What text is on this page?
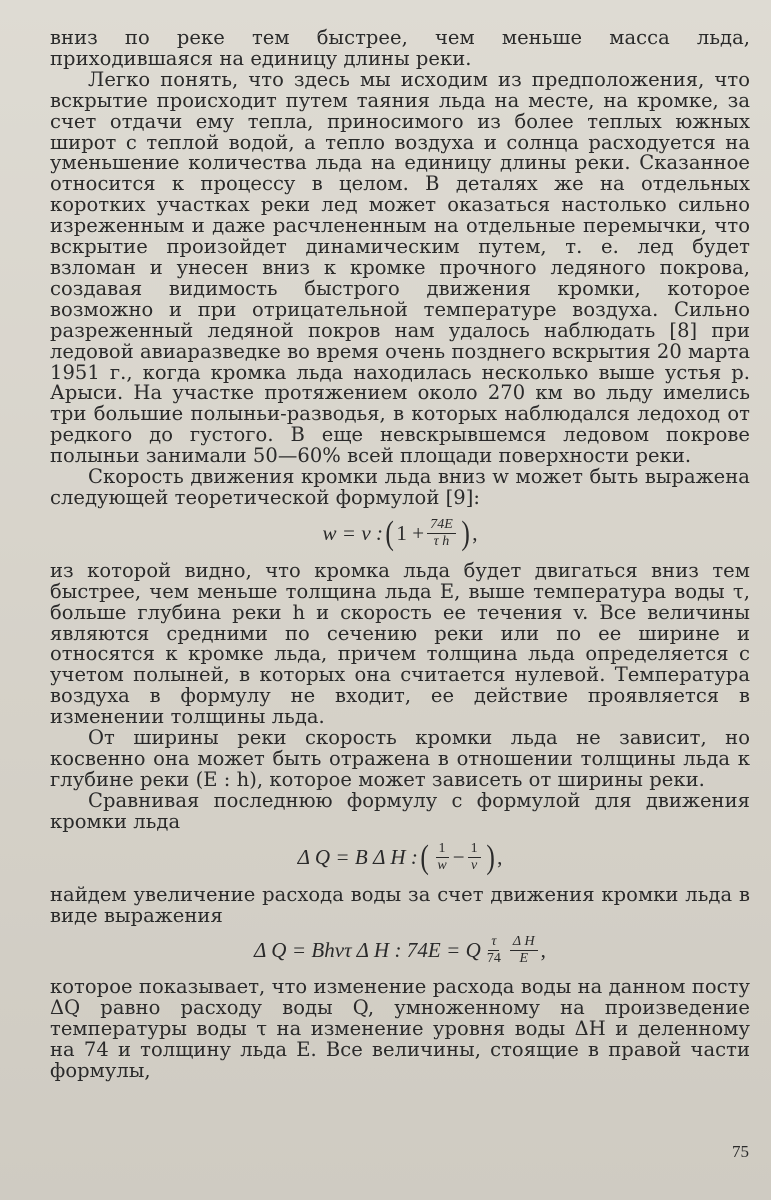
вниз по реке тем быстрее, чем меньше масса льда, приходившаяся на единицу длины реки.

Легко понять, что здесь мы исходим из предположения, что вскрытие происходит путем таяния льда на месте, на кромке, за счет отдачи ему тепла, приносимого из более теплых южных широт с теплой водой, а тепло воздуха и солнца расходуется на уменьшение количества льда на единицу длины реки. Сказанное относится к процессу в целом. В деталях же на отдельных коротких участках реки лед может оказаться настолько сильно изреженным и даже расчлененным на отдельные перемычки, что вскрытие произойдет динамическим путем, т. е. лед будет взломан и унесен вниз к кромке прочного ледяного покрова, создавая видимость быстрого движения кромки, которое возможно и при отрицательной температуре воздуха. Сильно разреженный ледяной покров нам удалось наблюдать [8] при ледовой авиаразведке во время очень позднего вскрытия 20 марта 1951 г., когда кромка льда находилась несколько выше устья р. Арыси. На участке протяжением около 270 км во льду имелись три большие полыньи-разводья, в которых наблюдался ледоход от редкого до густого. В еще невскрывшемся ледовом покрове полыньи занимали 50—60% всей площади поверхности реки.

Скорость движения кромки льда вниз w может быть выражена следующей теоретической формулой [9]:

w = v : ( $1 + \frac{74E}{\text{τ h}}$ ) ,

из которой видно, что кромка льда будет двигаться вниз тем быстрее, чем меньше толщина льда E, выше температура воды τ, больше глубина реки h и скорость ее течения v. Все величины являются средними по сечению реки или по ее ширине и относятся к кромке льда, причем толщина льда определяется с учетом полыней, в которых она считается нулевой. Температура воздуха в формулу не входит, ее действие проявляется в изменении толщины льда.

От ширины реки скорость кромки льда не зависит, но косвенно она может быть отражена в отношении толщины льда к глубине реки (E : h), которое может зависеть от ширины реки.

Сравнивая последнюю формулу с формулой для движения кромки льда

Δ Q = B Δ H : ( $\frac{1}{w} - \frac{1}{v}$ ) ,

найдем увеличение расхода воды за счет движения кромки льда в виде выражения

Δ Q = Bhvτ Δ H : 74E = Q $\frac{\tau}{74} \frac{\text{Δ H}}{E}$ ,

которое показывает, что изменение расхода воды на данном посту ΔQ равно расходу воды Q, умноженному на произведение температуры воды τ на изменение уровня воды ΔH и деленному на 74 и толщину льда E. Все величины, стоящие в правой части формулы,

75
